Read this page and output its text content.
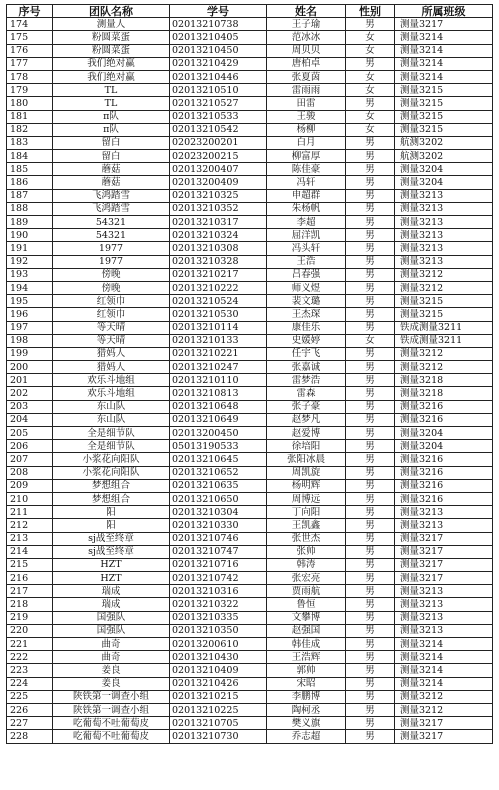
序号	团队名称	学号	姓名	性别	所属班级
174	测量人	02013210738	王子瑜	男	测量3217
175	粉圆菜蛋	02013210405	范冰冰	女	测量3214
176	粉圆菜蛋	02013210450	周贝贝	女	测量3214
177	我们绝对赢	02013210429	唐柏卓	男	测量3214
178	我们绝对赢	02013210446	张夏茵	女	测量3214
179	TL	02013210510	雷雨雨	女	测量3215
180	TL	02013210527	田雷	男	测量3215
181	π队	02013210533	王骏	女	测量3215
182	π队	02013210542	杨柳	女	测量3215
183	留白	02023200201	白月	男	航测3202
184	留白	02023200215	柳富厚	男	航测3202
185	蘑菇	02013200407	陈佳豪	男	测量3204
186	蘑菇	02013200409	冯轩	男	测量3204
187	飞鸿踏雪	02013210325	申超群	男	测量3213
188	飞鸿踏雪	02013210352	朱杨帆	男	测量3213
189	54321	02013210317	李超	男	测量3213
190	54321	02013210324	屈洋凯	男	测量3213
191	1977	02013210308	冯头轩	男	测量3213
192	1977	02013210328	王浩	男	测量3213
193	傍晚	02013210217	吕春强	男	测量3212
194	傍晚	02013210222	师义煜	男	测量3212
195	红领巾	02013210524	裴文璐	男	测量3215
196	红领巾	02013210530	王杰琛	男	测量3215
197	等天晴	02013210114	康佳乐	男	铁成测量3211
198	等天晴	02013210133	史媛婷	女	铁成测量3211
199	猎妈人	02013210221	任宇飞	男	测量3212
200	猎妈人	02013210247	张嘉诚	男	测量3212
201	欢乐斗地组	02013210110	雷梦浩	男	测量3218
202	欢乐斗地组	02013210813	雷森	男	测量3218
203	东山队	02013210648	张子豪	男	测量3216
204	东山队	02013210649	赵梦凡	男	测量3216
205	全是细节队	02013200450	赵爱博	男	测量3204
206	全是细节队	05013190533	徐培阳	男	测量3204
207	小浆花向阳队	02013210645	张阳冰晨	男	测量3216
208	小浆花向阳队	02013210652	周凯旋	男	测量3216
209	梦想组合	02013210635	杨明辉	男	测量3216
210	梦想组合	02013210650	周博远	男	测量3216
211	阳	02013210304	丁向阳	男	测量3213
212	阳	02013210330	王凯鑫	男	测量3213
213	sj战至终章	02013210746	张世杰	男	测量3217
214	sj战至终章	02013210747	张帅	男	测量3217
215	HZT	02013210716	韩涛	男	测量3217
216	HZT	02013210742	张宏亮	男	测量3217
217	瑞成	02013210316	贾雨航	男	测量3213
218	瑞成	02013210322	鲁恒	男	测量3213
219	国强队	02013210335	文攀博	男	测量3213
220	国强队	02013210350	赵强国	男	测量3213
221	曲奇	02013200610	韩佳成	男	测量3214
222	曲奇	02013210430	王浩辉	男	测量3214
223	姜良	02013210409	郭帅	男	测量3214
224	姜良	02013210426	宋昭	男	测量3214
225	陕铁第一调查小组	02013210215	李鹏博	男	测量3212
226	陕铁第一调查小组	02013210225	陶柯丞	男	测量3212
227	吃葡萄不吐葡萄皮	02013210705	樊义旗	男	测量3217
228	吃葡萄不吐葡萄皮	02013210730	乔志超	男	测量3217
